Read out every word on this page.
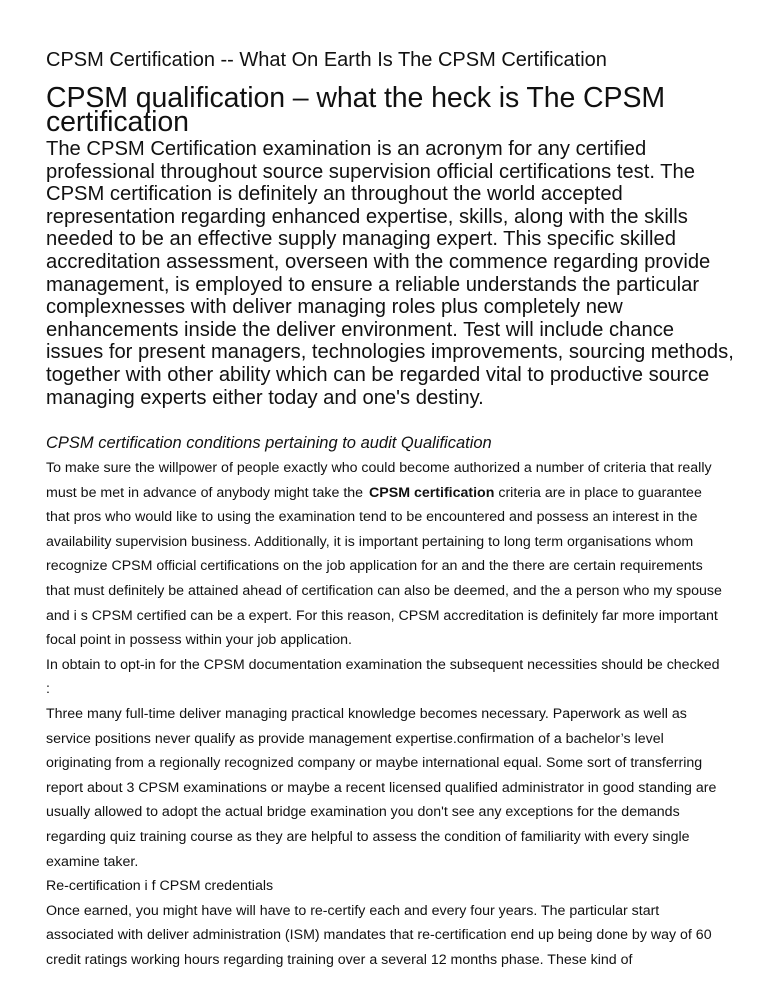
CPSM Certification -- What On Earth Is The CPSM Certification
CPSM qualification – what the heck is The CPSM certification
The CPSM Certification examination is an acronym for any certified professional throughout source supervision official certifications test. The CPSM certification is definitely an throughout the world accepted representation regarding enhanced expertise, skills, along with the skills needed to be an effective supply managing expert. This specific skilled accreditation assessment, overseen with the commence regarding provide management, is employed to ensure a reliable understands the particular complexnesses with deliver managing roles plus completely new enhancements inside the deliver environment. Test will include chance issues for present managers, technologies improvements, sourcing methods, together with other ability which can be regarded vital to productive source managing experts either today and one's destiny.
CPSM certification conditions pertaining to audit Qualification

To make sure the willpower of people exactly who could become authorized a number of criteria that really must be met in advance of anybody might take the CPSM certification criteria are in place to guarantee that pros who would like to using the examination tend to be encountered and possess an interest in the availability supervision business. Additionally, it is important pertaining to long term organisations whom recognize CPSM official certifications on the job application for an and the there are certain requirements that must definitely be attained ahead of certification can also be deemed, and the a person who my spouse and i s CPSM certified can be a expert. For this reason, CPSM accreditation is definitely far more important focal point in possess within your job application.

In obtain to opt-in for the CPSM documentation examination the subsequent necessities should be checked :

Three many full-time deliver managing practical knowledge becomes necessary. Paperwork as well as service positions never qualify as provide management expertise.confirmation of a bachelor’s level originating from a regionally recognized company or maybe international equal. Some sort of transferring report about 3 CPSM examinations or maybe a recent licensed qualified administrator in good standing are usually allowed to adopt the actual bridge examination you don't see any exceptions for the demands regarding quiz training course as they are helpful to assess the condition of familiarity with every single examine taker.

Re-certification i f CPSM credentials

Once earned, you might have will have to re-certify each and every four years. The particular start associated with deliver administration (ISM) mandates that re-certification end up being done by way of 60 credit ratings working hours regarding training over a several 12 months phase. These kind of
